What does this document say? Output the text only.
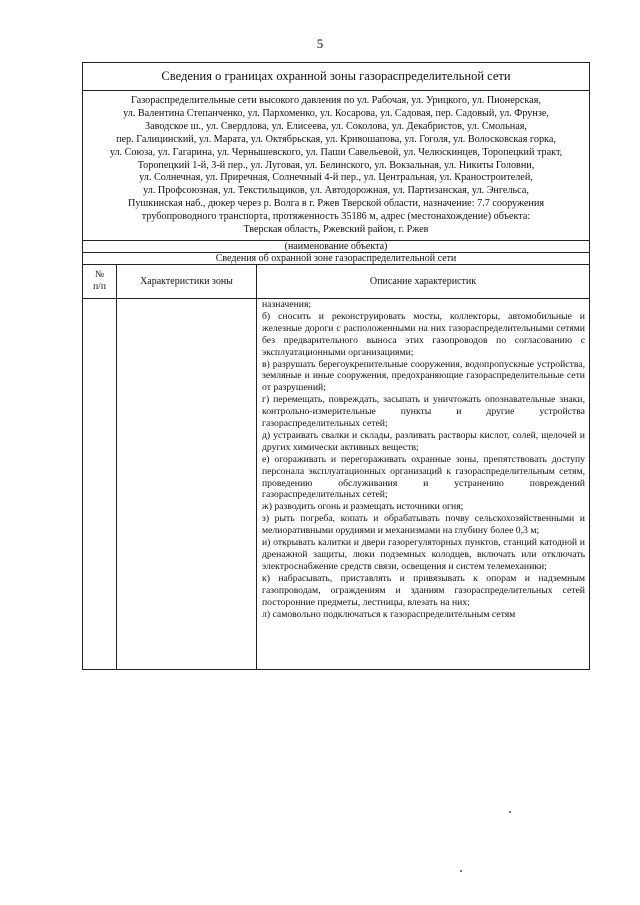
5
Сведения о границах охранной зоны газораспределительной сети
Газораспределительные сети высокого давления по ул. Рабочая, ул. Урицкого, ул. Пионерская,
ул. Валентина Степанченко, ул. Пархоменко, ул. Косарова, ул. Садовая, пер. Садовый, ул. Фрунзе,
Заводское ш., ул. Свердлова, ул. Елисеева, ул. Соколова, ул. Декабристов, ул. Смольная,
пер. Галицинский, ул. Марата, ул. Октябрьская, ул. Кривошапова, ул. Гоголя, ул. Волосковская горка,
ул. Союза, ул. Гагарина, ул. Чернышевского, ул. Паши Савельевой, ул. Челюскинцев, Торопецкий тракт,
Торопецкий 1-й, 3-й пер., ул. Луговая, ул. Белинского, ул. Вокзальная, ул. Никиты Головни,
ул. Солнечная, ул. Приречная, Солнечный 4-й пер., ул. Центральная, ул. Краностроителей,
ул. Профсоюзная, ул. Текстильщиков, ул. Автодорожная, ул. Партизанская, ул. Энгельса,
Пушкинская наб., дюкер через р. Волга в г. Ржев Тверской области, назначение: 7.7 сооружения
трубопроводного транспорта, протяженность 35186 м, адрес (местонахождение) объекта:
Тверская область, Ржевский район, г. Ржев
(наименование объекта)
Сведения об охранной зоне газораспределительной сети
№
п/п	Характеристики зоны	Описание характеристик

назначения;

б) сносить и реконструировать мосты, коллекторы, автомобильные и железные дороги с расположенными на них газораспределительными сетями без предварительного выноса этих газопроводов по согласованию с эксплуатационными организациями;

в) разрушать берегоукрепительные сооружения, водопропускные устройства, земляные и иные сооружения, предохраняющие газораспределительные сети от разрушений;

г) перемещать, повреждать, засыпать и уничтожать опознавательные знаки, контрольно-измерительные пункты и другие устройства газораспределительных сетей;

д) устраивать свалки и склады, разливать растворы кислот, солей, щелочей и других химически активных веществ;

е) огораживать и перегораживать охранные зоны, препятствовать доступу персонала эксплуатационных организаций к газораспределительным сетям, проведению обслуживания и устранению повреждений газораспределительных сетей;

ж) разводить огонь и размещать источники огня;

з) рыть погреба, копать и обрабатывать почву сельскохозяйственными и мелиоративными орудиями и механизмами на глубину более 0,3 м;

и) открывать калитки и двери газорегуляторных пунктов, станций катодной и дренажной защиты, люки подземных колодцев, включать или отключать электроснабжение средств связи, освещения и систем телемеханики;

к) набрасывать, приставлять и привязывать к опорам и надземным газопроводам, ограждениям и зданиям газораспределительных сетей посторонние предметы, лестницы, влезать на них;

л) самовольно подключаться к газораспределительным сетям
